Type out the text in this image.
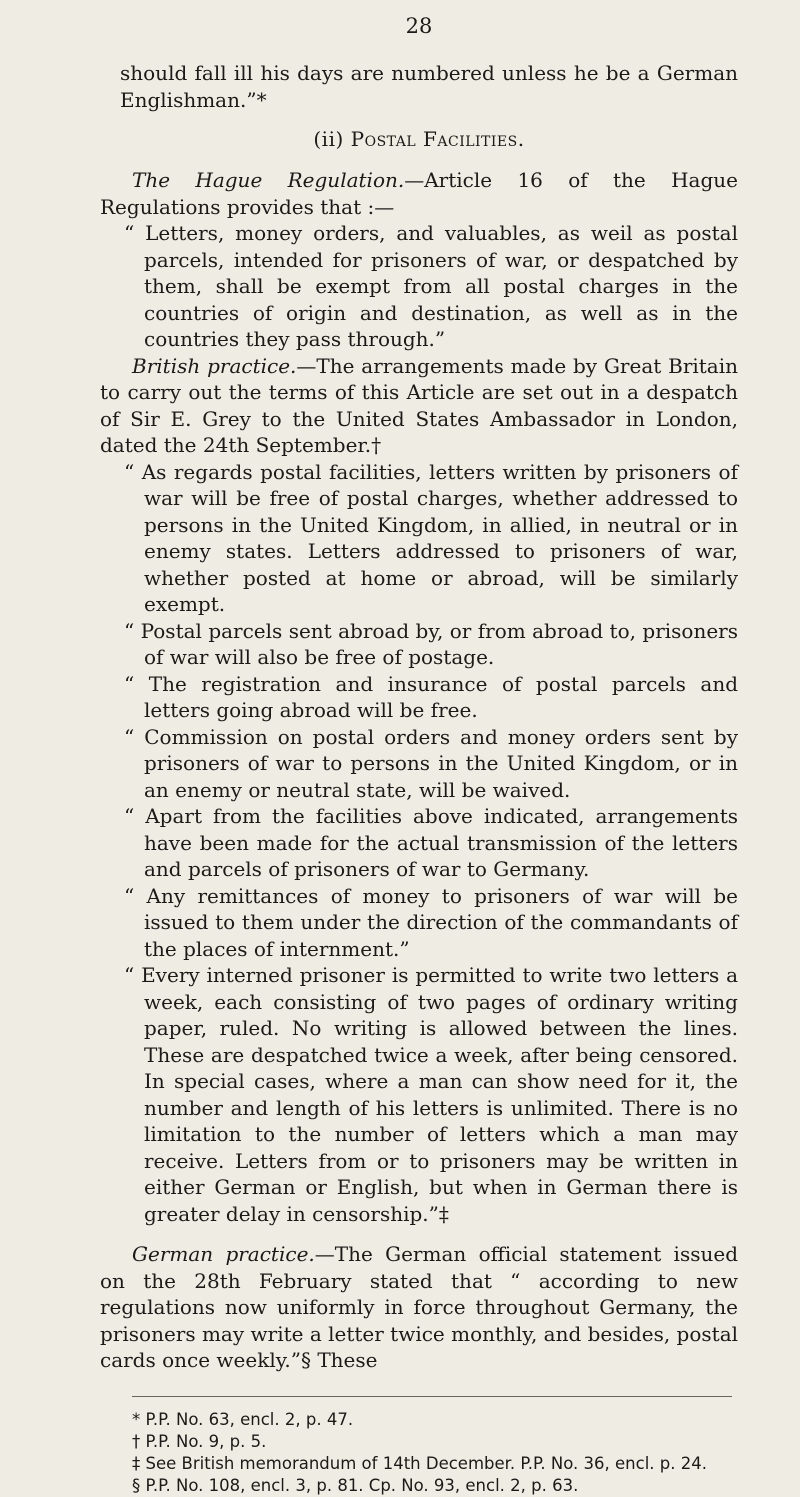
28

should fall ill his days are numbered unless he be a German Englishman.”*

(ii) Postal Facilities.

The Hague Regulation.—Article 16 of the Hague Regulations provides that :—

“ Letters, money orders, and valuables, as weil as postal parcels, intended for prisoners of war, or despatched by them, shall be exempt from all postal charges in the countries of origin and destination, as well as in the countries they pass through.”

British practice.—The arrangements made by Great Britain to carry out the terms of this Article are set out in a despatch of Sir E. Grey to the United States Ambassador in London, dated the 24th September.†

“ As regards postal facilities, letters written by prisoners of war will be free of postal charges, whether addressed to persons in the United Kingdom, in allied, in neutral or in enemy states. Letters addressed to prisoners of war, whether posted at home or abroad, will be similarly exempt.

“ Postal parcels sent abroad by, or from abroad to, prisoners of war will also be free of postage.

“ The registration and insurance of postal parcels and letters going abroad will be free.

“ Commission on postal orders and money orders sent by prisoners of war to persons in the United Kingdom, or in an enemy or neutral state, will be waived.

“ Apart from the facilities above indicated, arrangements have been made for the actual transmission of the letters and parcels of prisoners of war to Germany.

“ Any remittances of money to prisoners of war will be issued to them under the direction of the commandants of the places of internment.”

“ Every interned prisoner is permitted to write two letters a week, each consisting of two pages of ordinary writing paper, ruled. No writing is allowed between the lines. These are despatched twice a week, after being censored. In special cases, where a man can show need for it, the number and length of his letters is unlimited. There is no limitation to the number of letters which a man may receive. Letters from or to prisoners may be written in either German or English, but when in German there is greater delay in censorship.”‡

German practice.—The German official statement issued on the 28th February stated that “ according to new regulations now uniformly in force throughout Germany, the prisoners may write a letter twice monthly, and besides, postal cards once weekly.”§ These

* P.P. No. 63, encl. 2, p. 47.

† P.P. No. 9, p. 5.

‡ See British memorandum of 14th December. P.P. No. 36, encl. p. 24.

§ P.P. No. 108, encl. 3, p. 81. Cp. No. 93, encl. 2, p. 63.
